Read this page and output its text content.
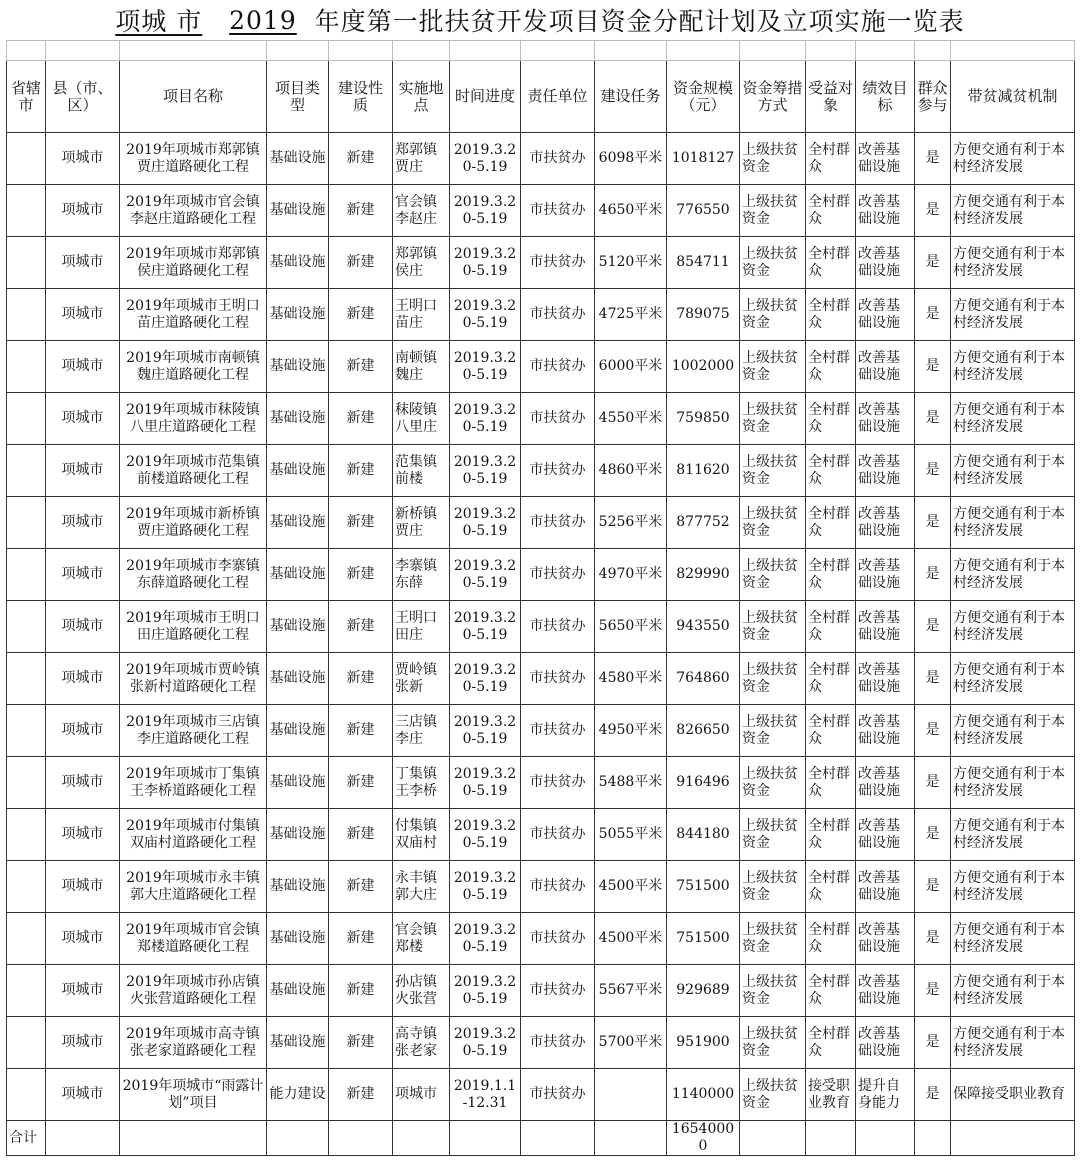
项城 市
2019
年度第一批扶贫开发项目资金分配计划及立项实施一览表

省辖市	县（市、区）	项目名称	项目类型	建设性质	实施地点	时间进度	责任单位	建设任务	资金规模（元）	资金筹措方式	受益对象	绩效目标	群众参与	带贫减贫机制
	项城市	2019年项城市郑郭镇贾庄道路硬化工程	基础设施	新建	郑郭镇贾庄	2019.3.20-5.19	市扶贫办	6098平米	1018127	上级扶贫资金	全村群众	改善基础设施	是	方便交通有利于本村经济发展
	项城市	2019年项城市官会镇李赵庄道路硬化工程	基础设施	新建	官会镇李赵庄	2019.3.20-5.19	市扶贫办	4650平米	776550	上级扶贫资金	全村群众	改善基础设施	是	方便交通有利于本村经济发展
	项城市	2019年项城市郑郭镇侯庄道路硬化工程	基础设施	新建	郑郭镇侯庄	2019.3.20-5.19	市扶贫办	5120平米	854711	上级扶贫资金	全村群众	改善基础设施	是	方便交通有利于本村经济发展
	项城市	2019年项城市王明口苗庄道路硬化工程	基础设施	新建	王明口苗庄	2019.3.20-5.19	市扶贫办	4725平米	789075	上级扶贫资金	全村群众	改善基础设施	是	方便交通有利于本村经济发展
	项城市	2019年项城市南顿镇魏庄道路硬化工程	基础设施	新建	南顿镇魏庄	2019.3.20-5.19	市扶贫办	6000平米	1002000	上级扶贫资金	全村群众	改善基础设施	是	方便交通有利于本村经济发展
	项城市	2019年项城市秣陵镇八里庄道路硬化工程	基础设施	新建	秣陵镇八里庄	2019.3.20-5.19	市扶贫办	4550平米	759850	上级扶贫资金	全村群众	改善基础设施	是	方便交通有利于本村经济发展
	项城市	2019年项城市范集镇前楼道路硬化工程	基础设施	新建	范集镇前楼	2019.3.20-5.19	市扶贫办	4860平米	811620	上级扶贫资金	全村群众	改善基础设施	是	方便交通有利于本村经济发展
	项城市	2019年项城市新桥镇贾庄道路硬化工程	基础设施	新建	新桥镇贾庄	2019.3.20-5.19	市扶贫办	5256平米	877752	上级扶贫资金	全村群众	改善基础设施	是	方便交通有利于本村经济发展
	项城市	2019年项城市李寨镇东薛道路硬化工程	基础设施	新建	李寨镇东薛	2019.3.20-5.19	市扶贫办	4970平米	829990	上级扶贫资金	全村群众	改善基础设施	是	方便交通有利于本村经济发展
	项城市	2019年项城市王明口田庄道路硬化工程	基础设施	新建	王明口田庄	2019.3.20-5.19	市扶贫办	5650平米	943550	上级扶贫资金	全村群众	改善基础设施	是	方便交通有利于本村经济发展
	项城市	2019年项城市贾岭镇张新村道路硬化工程	基础设施	新建	贾岭镇张新	2019.3.20-5.19	市扶贫办	4580平米	764860	上级扶贫资金	全村群众	改善基础设施	是	方便交通有利于本村经济发展
	项城市	2019年项城市三店镇李庄道路硬化工程	基础设施	新建	三店镇李庄	2019.3.20-5.19	市扶贫办	4950平米	826650	上级扶贫资金	全村群众	改善基础设施	是	方便交通有利于本村经济发展
	项城市	2019年项城市丁集镇王李桥道路硬化工程	基础设施	新建	丁集镇王李桥	2019.3.20-5.19	市扶贫办	5488平米	916496	上级扶贫资金	全村群众	改善基础设施	是	方便交通有利于本村经济发展
	项城市	2019年项城市付集镇双庙村道路硬化工程	基础设施	新建	付集镇双庙村	2019.3.20-5.19	市扶贫办	5055平米	844180	上级扶贫资金	全村群众	改善基础设施	是	方便交通有利于本村经济发展
	项城市	2019年项城市永丰镇郭大庄道路硬化工程	基础设施	新建	永丰镇郭大庄	2019.3.20-5.19	市扶贫办	4500平米	751500	上级扶贫资金	全村群众	改善基础设施	是	方便交通有利于本村经济发展
	项城市	2019年项城市官会镇郑楼道路硬化工程	基础设施	新建	官会镇郑楼	2019.3.20-5.19	市扶贫办	4500平米	751500	上级扶贫资金	全村群众	改善基础设施	是	方便交通有利于本村经济发展
	项城市	2019年项城市孙店镇火张营道路硬化工程	基础设施	新建	孙店镇火张营	2019.3.20-5.19	市扶贫办	5567平米	929689	上级扶贫资金	全村群众	改善基础设施	是	方便交通有利于本村经济发展
	项城市	2019年项城市高寺镇张老家道路硬化工程	基础设施	新建	高寺镇张老家	2019.3.20-5.19	市扶贫办	5700平米	951900	上级扶贫资金	全村群众	改善基础设施	是	方便交通有利于本村经济发展
	项城市	2019年项城市“雨露计划”项目	能力建设	新建	项城市	2019.1.1-12.31	市扶贫办		1140000	上级扶贫资金	接受职业教育	提升自身能力	是	保障接受职业教育
合计									16540000					
